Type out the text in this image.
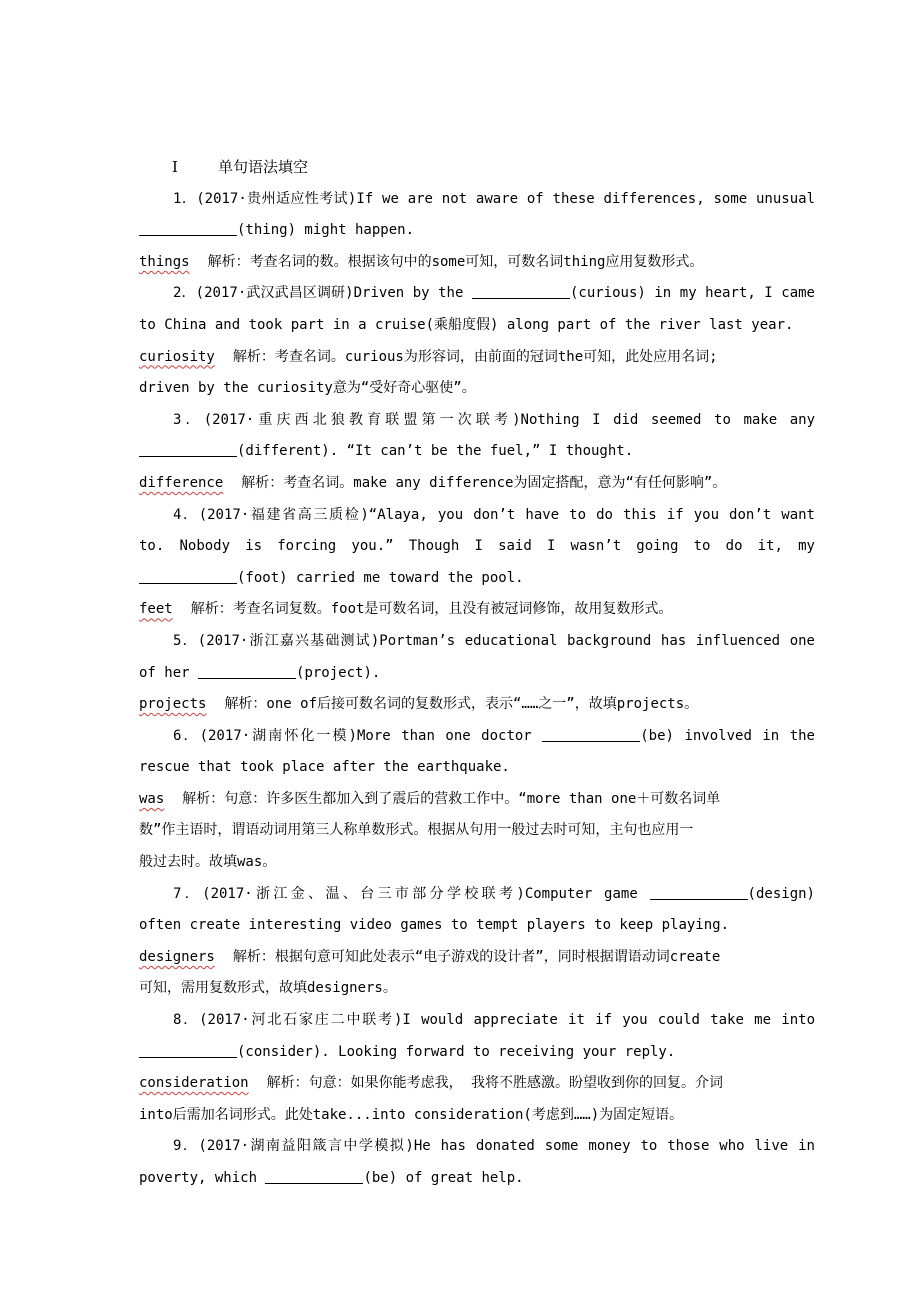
Ⅰ	单句语法填空
1．(2017·贵州适应性考试)If we are not aware of these differences, some unusual
(thing) might happen.
things 解析：考查名词的数。根据该句中的some可知，可数名词thing应用复数形式。
2．(2017·武汉武昌区调研)Driven by the	(curious) in my heart, I came
to China and took part in a cruise(乘船度假) along part of the river last year.
curiosity 解析：考查名词。curious为形容词，由前面的冠词the可知，此处应用名词;
driven by the curiosity意为“受好奇心驱使”。
3．(2017·重庆西北狼教育联盟第一次联考)Nothing I did seemed to make any
(different). “It can’t be the fuel,” I thought.
difference 解析：考查名词。make any difference为固定搭配，意为“有任何影响”。
4．(2017·福建省高三质检)“Alaya, you don’t have to do this if you don’t want
to. Nobody is forcing you.” Though I said I wasn’t going to do it, my
(foot) carried me toward the pool.
feet 解析：考查名词复数。foot是可数名词，且没有被冠词修饰，故用复数形式。
5．(2017·浙江嘉兴基础测试)Portman’s educational background has influenced one
of her	(project).
projects 解析：one of后接可数名词的复数形式，表示“……之一”，故填projects。
6．(2017·湖南怀化一模)More than one doctor	(be) involved in the
rescue that took place after the earthquake.
was 解析：句意：许多医生都加入到了震后的营救工作中。“more than one＋可数名词单
数”作主语时，谓语动词用第三人称单数形式。根据从句用一般过去时可知，主句也应用一
般过去时。故填was。
7．(2017·浙江金、温、台三市部分学校联考)Computer game	(design)
often create interesting video games to tempt players to keep playing.
designers 解析：根据句意可知此处表示“电子游戏的设计者”，同时根据谓语动词create
可知，需用复数形式，故填designers。
8．(2017·河北石家庄二中联考)I would appreciate it if you could take me into
(consider). Looking forward to receiving your reply.
consideration 解析：句意：如果你能考虑我， 我将不胜感激。盼望收到你的回复。介词
into后需加名词形式。此处take...into consideration(考虑到……)为固定短语。
9．(2017·湖南益阳箴言中学模拟)He has donated some money to those who live in
poverty, which	(be) of great help.
